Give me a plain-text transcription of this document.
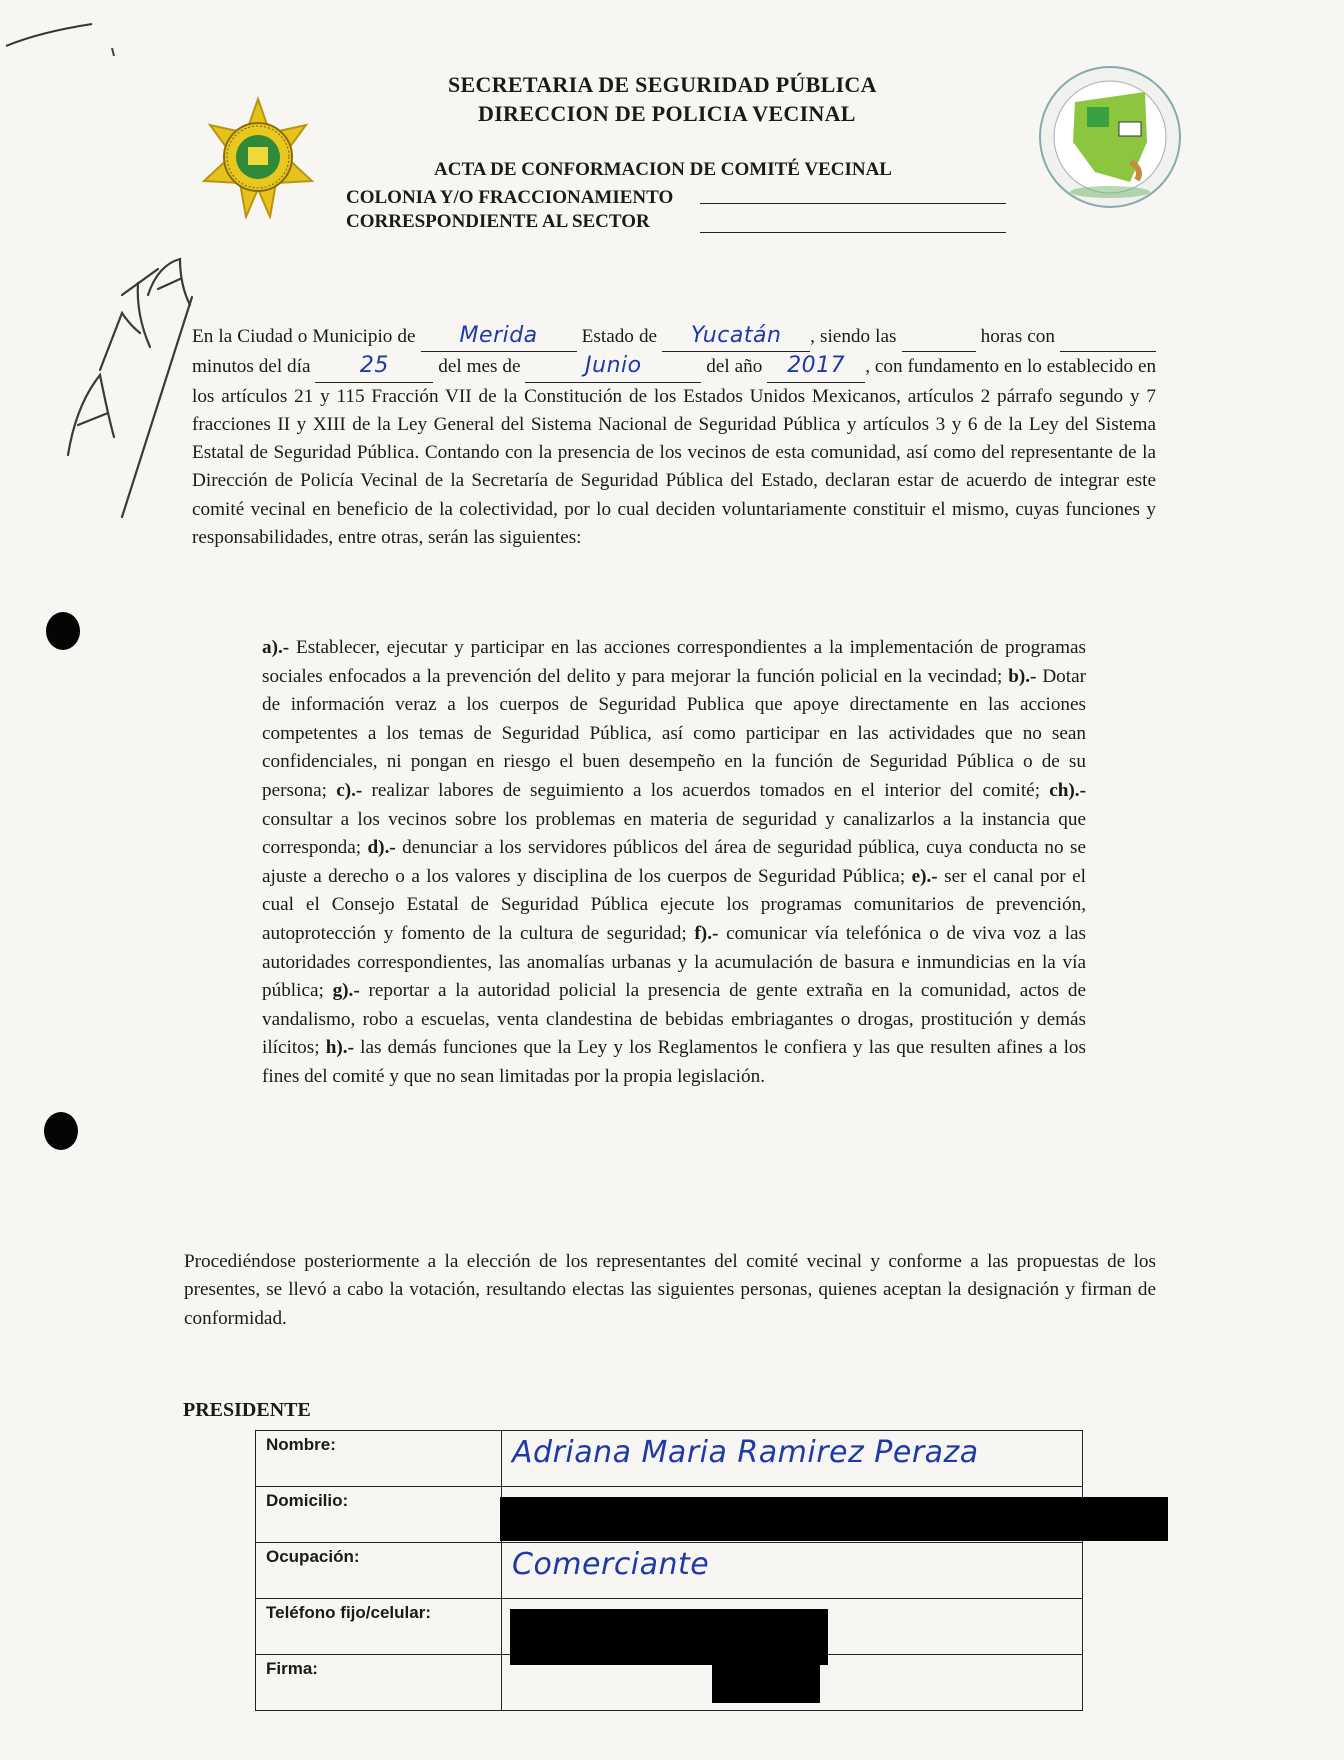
SECRETARIA DE SEGURIDAD PÚBLICA
DIRECCION DE POLICIA VECINAL
ACTA DE CONFORMACION DE COMITÉ VECINAL
COLONIA Y/O FRACCIONAMIENTO
CORRESPONDIENTE AL SECTOR
En la Ciudad o Municipio de Merida Estado de Yucatán , siendo las	horas con   minutos del día 25	del mes de	Junio	del año 2017 , con fundamento en lo establecido en los artículos 21 y 115 Fracción VII de la Constitución de los Estados Unidos Mexicanos, artículos 2 párrafo segundo y 7 fracciones II y XIII de la Ley General del Sistema Nacional de Seguridad Pública y artículos 3 y 6 de la Ley del Sistema Estatal de Seguridad Pública. Contando con la presencia de los vecinos de esta comunidad, así como del representante de la Dirección de Policía Vecinal de la Secretaría de Seguridad Pública del Estado, declaran estar de acuerdo de integrar este comité vecinal en beneficio de la colectividad, por lo cual deciden voluntariamente constituir el mismo, cuyas funciones y responsabilidades, entre otras, serán las siguientes:
a).- Establecer, ejecutar y participar en las acciones correspondientes a la implementación de programas sociales enfocados a la prevención del delito y para mejorar la función policial en la vecindad; b).- Dotar de información veraz a los cuerpos de Seguridad Publica que apoye directamente en las acciones competentes a los temas de Seguridad Pública, así como participar en las actividades que no sean confidenciales, ni pongan en riesgo el buen desempeño en la función de Seguridad Pública o de su persona; c).- realizar labores de seguimiento a los acuerdos tomados en el interior del comité; ch).- consultar a los vecinos sobre los problemas en materia de seguridad y canalizarlos a la instancia que corresponda; d).- denunciar a los servidores públicos del área de seguridad pública, cuya conducta no se ajuste a derecho o a los valores y disciplina de los cuerpos de Seguridad Pública; e).- ser el canal por el cual el Consejo Estatal de Seguridad Pública ejecute los programas comunitarios de prevención, autoprotección y fomento de la cultura de seguridad; f).- comunicar vía telefónica o de viva voz a las autoridades correspondientes, las anomalías urbanas y la acumulación de basura e inmundicias en la vía pública; g).- reportar a la autoridad policial la presencia de gente extraña en la comunidad, actos de vandalismo, robo a escuelas, venta clandestina de bebidas embriagantes o drogas, prostitución y demás ilícitos; h).- las demás funciones que la Ley y los Reglamentos le confiera y las que resulten afines a los fines del comité y que no sean limitadas por la propia legislación.
Procediéndose posteriormente a la elección de los representantes del comité vecinal y conforme a las propuestas de los presentes, se llevó a cabo la votación, resultando electas las siguientes personas, quienes aceptan la designación y firman de conformidad.
PRESIDENTE
Nombre:	Adriana Maria Ramirez Peraza
Domicilio:	

Ocupación:	Comerciante
Teléfono fijo/celular:	

Firma:	
